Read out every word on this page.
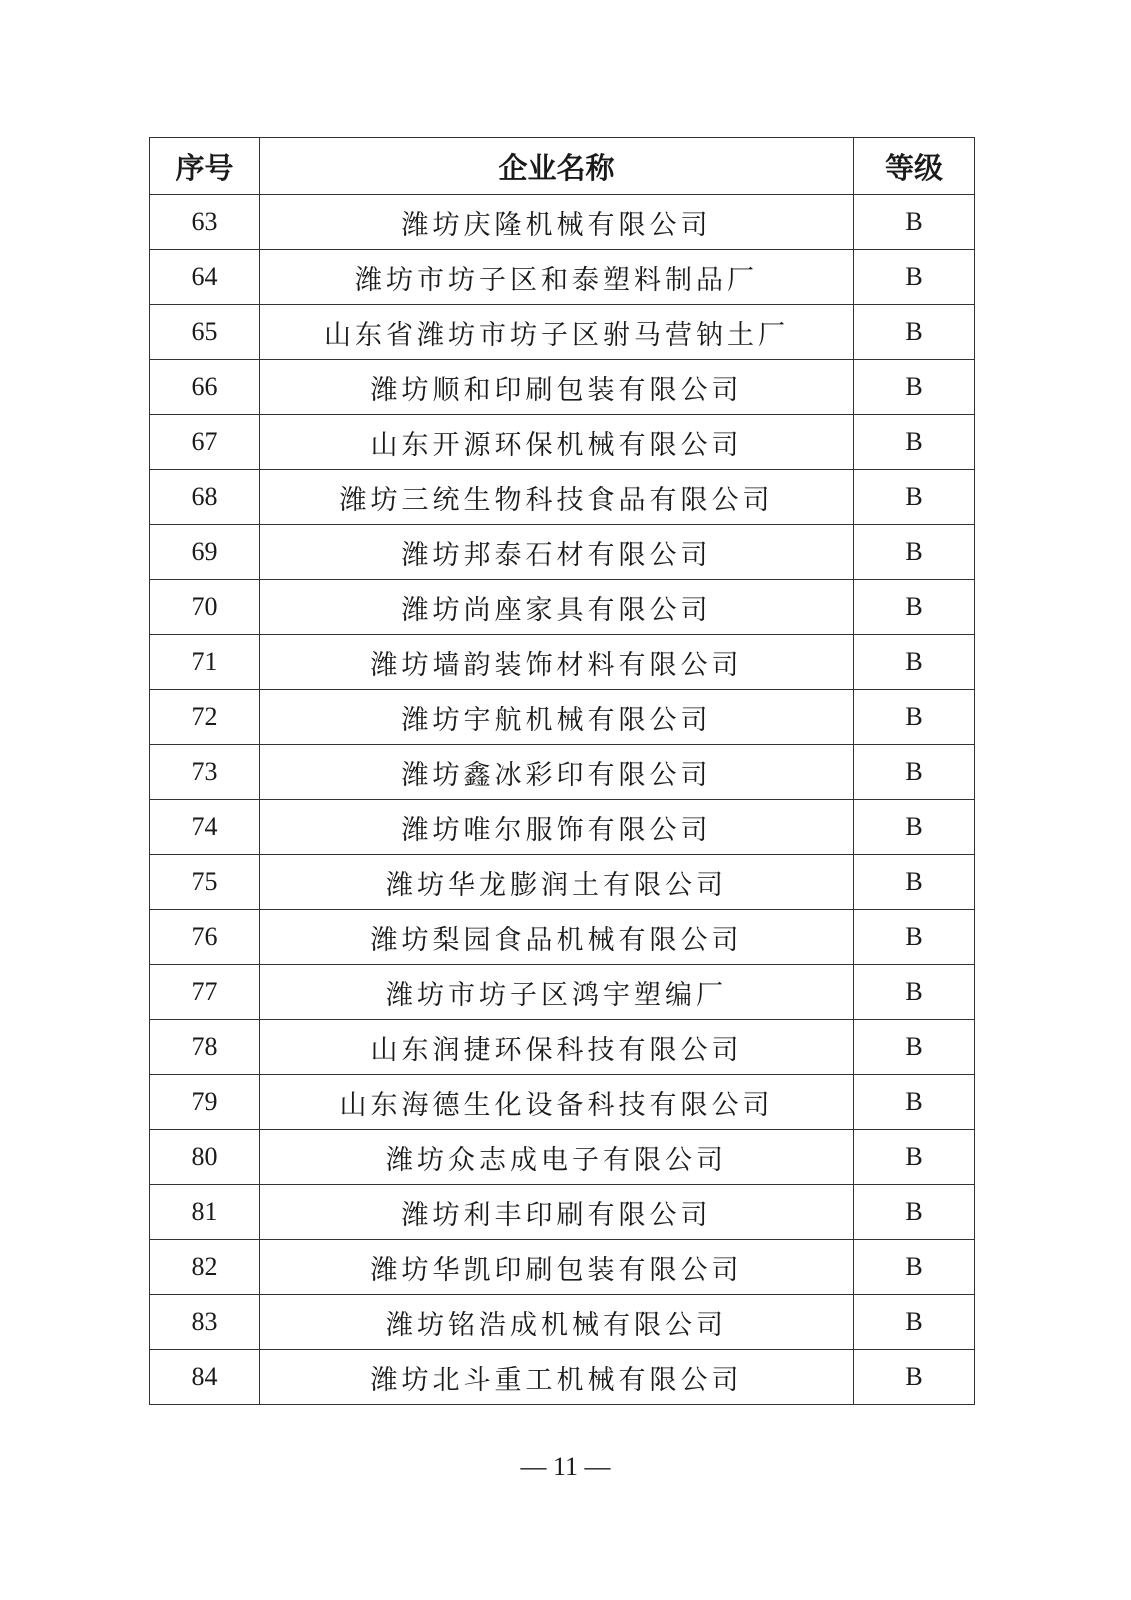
序号	企业名称	等级
63	潍坊庆隆机械有限公司	B
64	潍坊市坊子区和泰塑料制品厂	B
65	山东省潍坊市坊子区驸马营钠土厂	B
66	潍坊顺和印刷包装有限公司	B
67	山东开源环保机械有限公司	B
68	潍坊三统生物科技食品有限公司	B
69	潍坊邦泰石材有限公司	B
70	潍坊尚座家具有限公司	B
71	潍坊墙韵装饰材料有限公司	B
72	潍坊宇航机械有限公司	B
73	潍坊鑫冰彩印有限公司	B
74	潍坊唯尔服饰有限公司	B
75	潍坊华龙膨润土有限公司	B
76	潍坊梨园食品机械有限公司	B
77	潍坊市坊子区鸿宇塑编厂	B
78	山东润捷环保科技有限公司	B
79	山东海德生化设备科技有限公司	B
80	潍坊众志成电子有限公司	B
81	潍坊利丰印刷有限公司	B
82	潍坊华凯印刷包装有限公司	B
83	潍坊铭浩成机械有限公司	B
84	潍坊北斗重工机械有限公司	B
— 11 —
